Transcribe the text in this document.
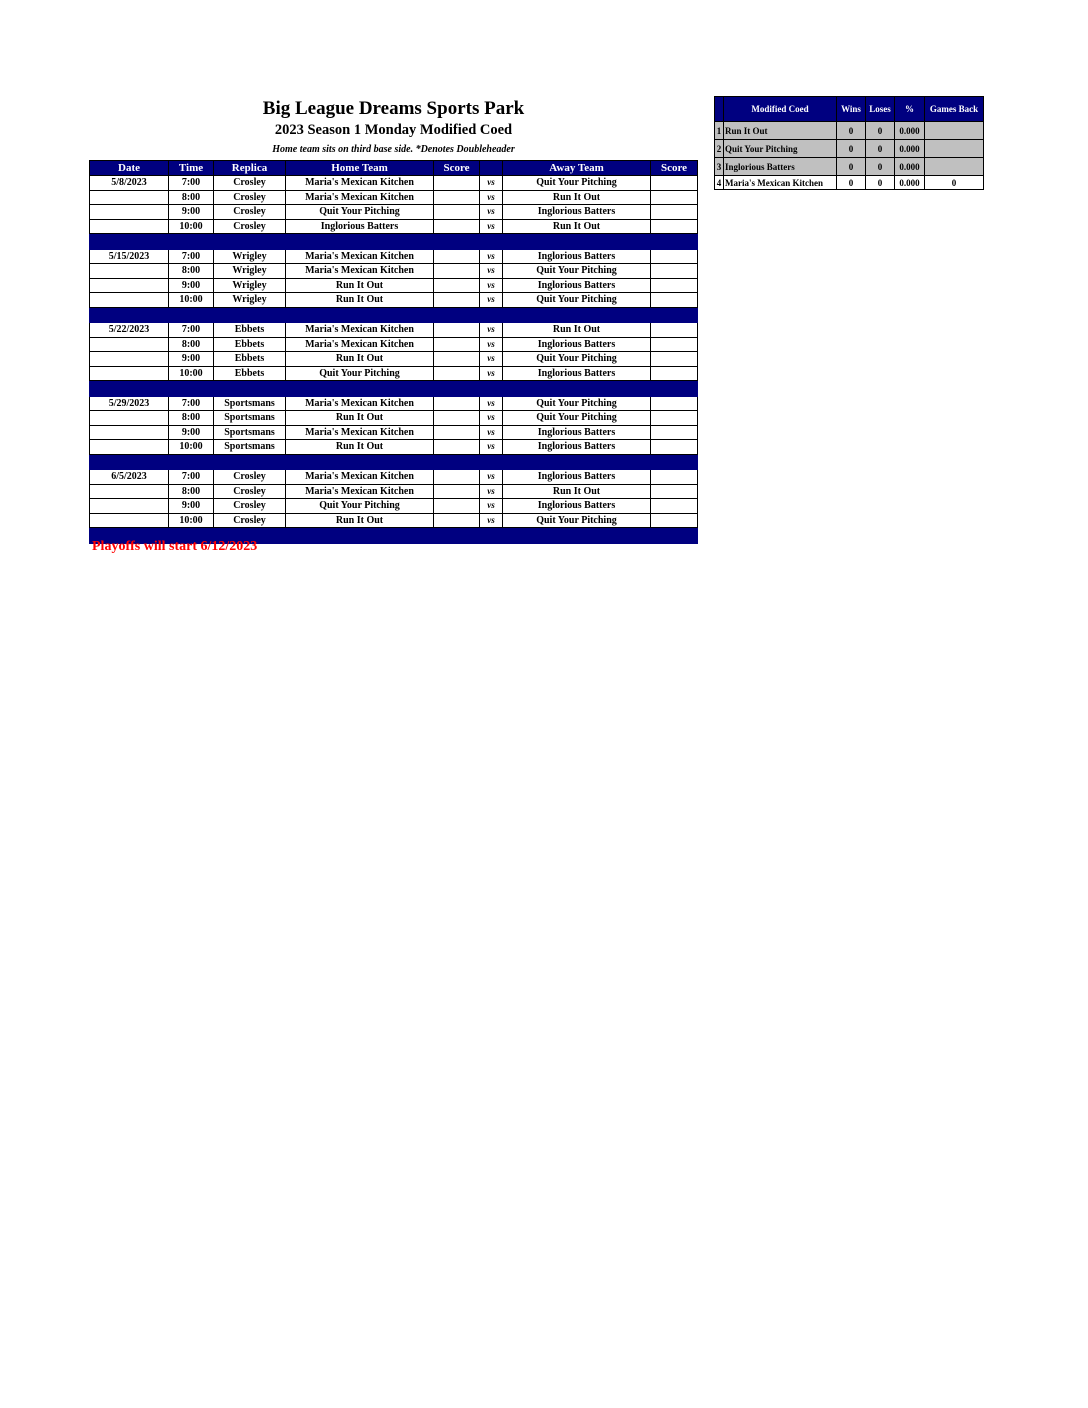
Big League Dreams Sports Park
2023 Season 1 Monday Modified Coed
Home team sits on third base side. *Denotes Doubleheader
Date	Time	Replica	Home Team	Score		Away Team	Score
5/8/2023	7:00	Crosley	Maria's Mexican Kitchen		vs	Quit Your Pitching	
	8:00	Crosley	Maria's Mexican Kitchen		vs	Run It Out	
	9:00	Crosley	Quit Your Pitching		vs	Inglorious Batters	
	10:00	Crosley	Inglorious Batters		vs	Run It Out	

5/15/2023	7:00	Wrigley	Maria's Mexican Kitchen		vs	Inglorious Batters	
	8:00	Wrigley	Maria's Mexican Kitchen		vs	Quit Your Pitching	
	9:00	Wrigley	Run It Out		vs	Inglorious Batters	
	10:00	Wrigley	Run It Out		vs	Quit Your Pitching	

5/22/2023	7:00	Ebbets	Maria's Mexican Kitchen		vs	Run It Out	
	8:00	Ebbets	Maria's Mexican Kitchen		vs	Inglorious Batters	
	9:00	Ebbets	Run It Out		vs	Quit Your Pitching	
	10:00	Ebbets	Quit Your Pitching		vs	Inglorious Batters	

5/29/2023	7:00	Sportsmans	Maria's Mexican Kitchen		vs	Quit Your Pitching	
	8:00	Sportsmans	Run It Out		vs	Quit Your Pitching	
	9:00	Sportsmans	Maria's Mexican Kitchen		vs	Inglorious Batters	
	10:00	Sportsmans	Run It Out		vs	Inglorious Batters	

6/5/2023	7:00	Crosley	Maria's Mexican Kitchen		vs	Inglorious Batters	
	8:00	Crosley	Maria's Mexican Kitchen		vs	Run It Out	
	9:00	Crosley	Quit Your Pitching		vs	Inglorious Batters	
	10:00	Crosley	Run It Out		vs	Quit Your Pitching	

Playoffs will start 6/12/2023
	Modified Coed	Wins	Loses	%	Games Back
1	Run It Out	0	0	0.000	
2	Quit Your Pitching	0	0	0.000	
3	Inglorious Batters	0	0	0.000	
4	Maria's Mexican Kitchen	0	0	0.000	0
